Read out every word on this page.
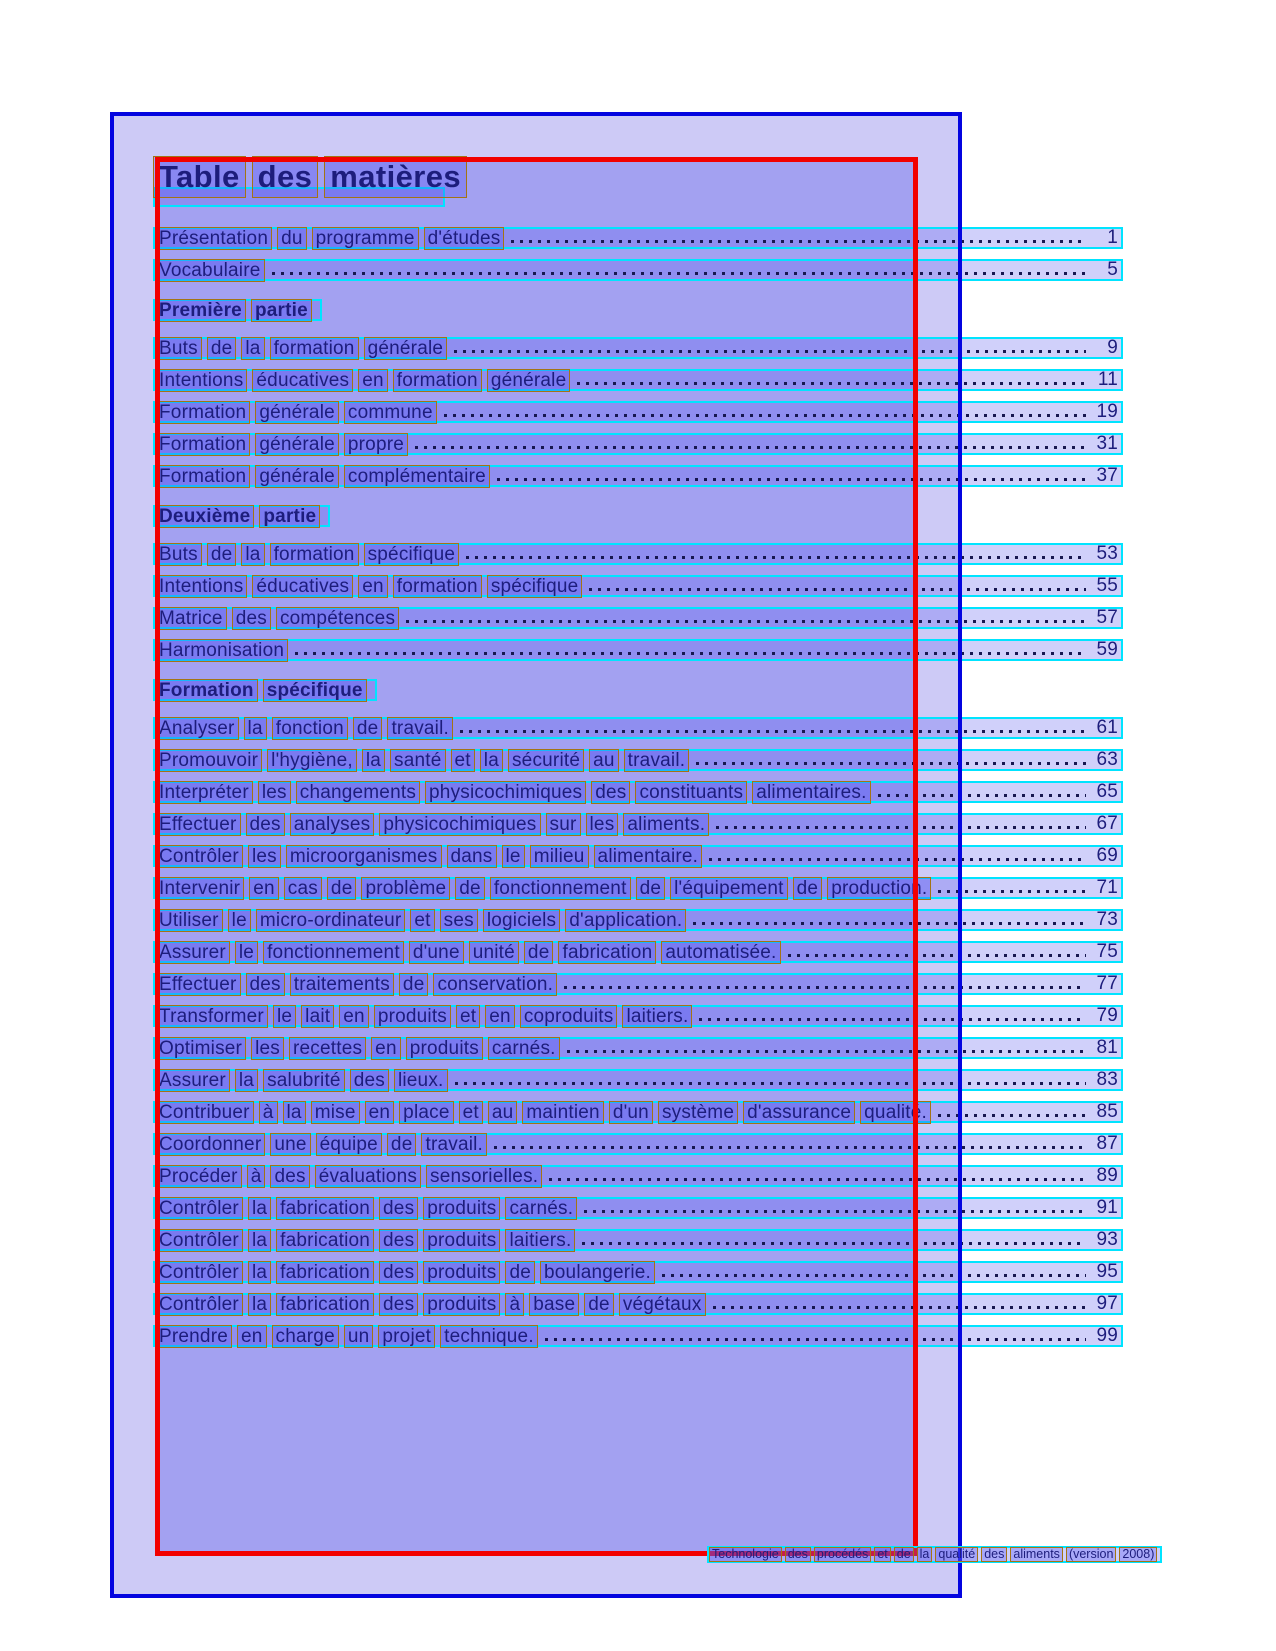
Table des matières
Présentation du programme d'études	1
Vocabulaire	5
Première partie
Buts de la formation générale	9
Intentions éducatives en formation générale	11
Formation générale commune	19
Formation générale propre	31
Formation générale complémentaire	37
Deuxième partie
Buts de la formation spécifique	53
Intentions éducatives en formation spécifique	55
Matrice des compétences	57
Harmonisation	59
Formation spécifique
Analyser la fonction de travail.	61
Promouvoir l'hygiène, la santé et la sécurité au travail.	63
Interpréter les changements physicochimiques des constituants alimentaires.	65
Effectuer des analyses physicochimiques sur les aliments.	67
Contrôler les microorganismes dans le milieu alimentaire.	69
Intervenir en cas de problème de fonctionnement de l'équipement de production.	71
Utiliser le micro-ordinateur et ses logiciels d'application.	73
Assurer le fonctionnement d'une unité de fabrication automatisée.	75
Effectuer des traitements de conservation.	77
Transformer le lait en produits et en coproduits laitiers.	79
Optimiser les recettes en produits carnés.	81
Assurer la salubrité des lieux.	83
Contribuer à la mise en place et au maintien d'un système d'assurance qualité.	85
Coordonner une équipe de travail.	87
Procéder à des évaluations sensorielles.	89
Contrôler la fabrication des produits carnés.	91
Contrôler la fabrication des produits laitiers.	93
Contrôler la fabrication des produits de boulangerie.	95
Contrôler la fabrication des produits à base de végétaux	97
Prendre en charge un projet technique.	99
Technologie des procédés et de la qualité des aliments (version 2008)
